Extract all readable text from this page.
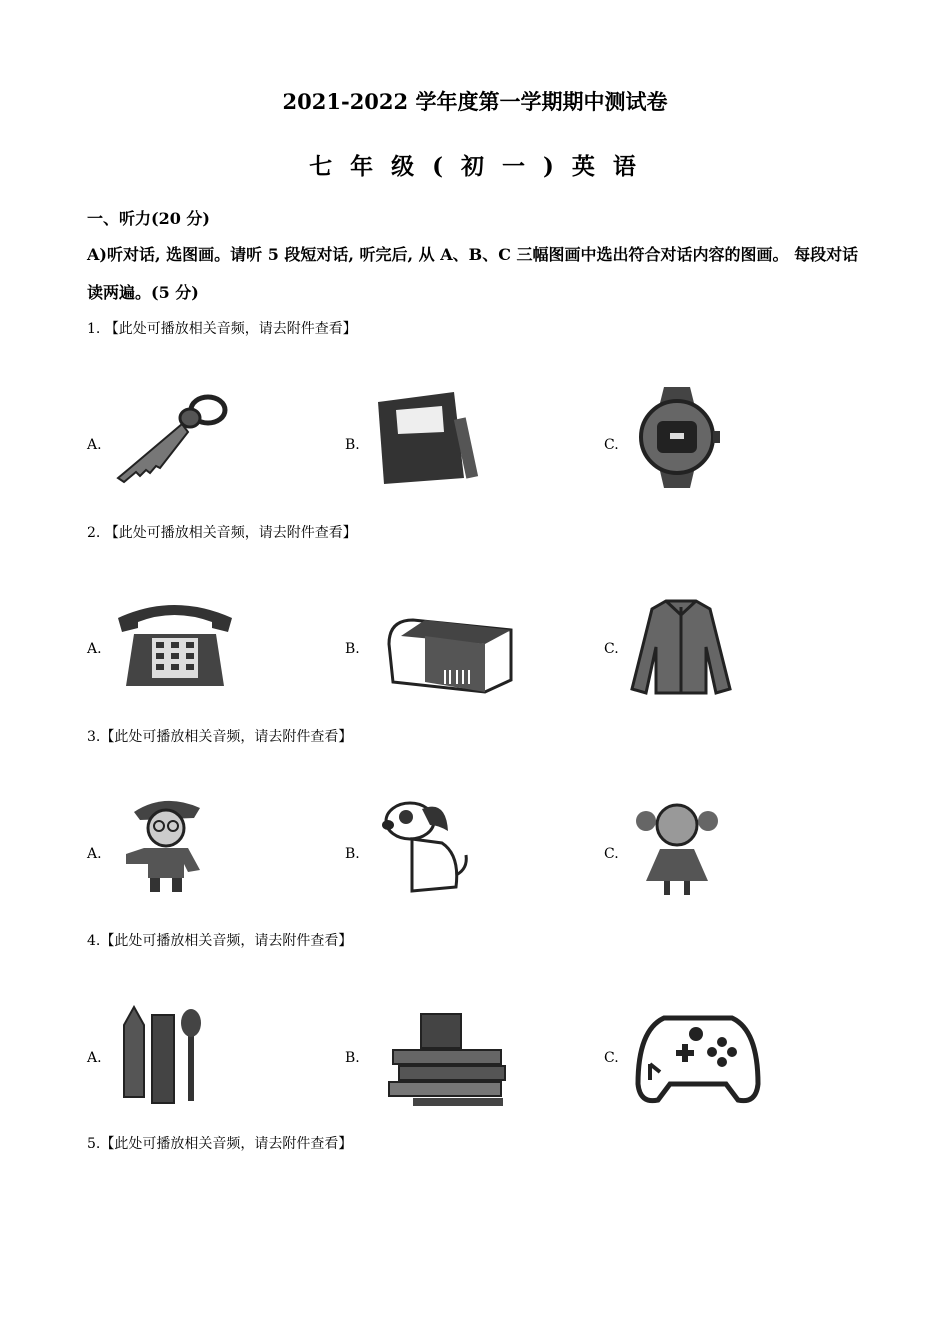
2021-2022 学年度第一学期期中测试卷
七 年 级 ( 初 一 ) 英 语
一、听力(20 分)
A)听对话, 选图画。请听 5 段短对话, 听完后, 从 A、B、C 三幅图画中选出符合对话内容的图画。 每段对话读两遍。(5 分)
1. 【此处可播放相关音频，请去附件查看】
A.	B.	C.
2. 【此处可播放相关音频，请去附件查看】
A.	B.	C.
3.【此处可播放相关音频，请去附件查看】
A.	B.	C.
4.【此处可播放相关音频，请去附件查看】
A.	B.	C.
5.【此处可播放相关音频，请去附件查看】
